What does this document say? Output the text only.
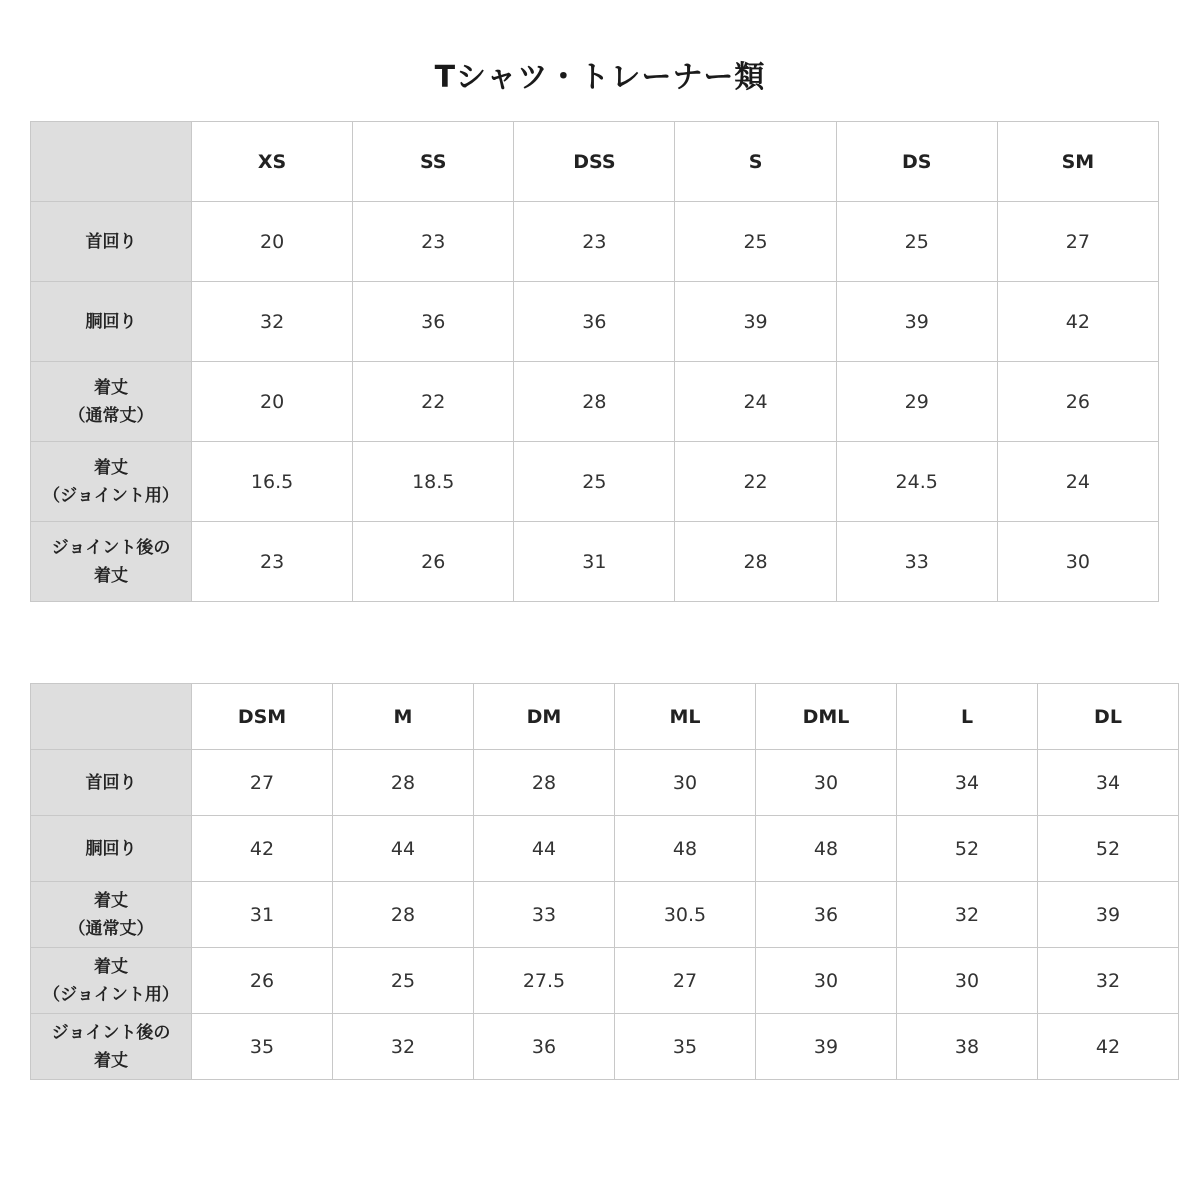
Tシャツ・トレーナー類
	XS	SS	DSS	S	DS	SM

首回り	20	23	23	25	25	27

胴回り	32	36	36	39	39	42

着丈
（通常丈）	20	22	28	24	29	26

着丈
（ジョイント用）	16.5	18.5	25	22	24.5	24

ジョイント後の
着丈	23	26	31	28	33	30
	DSM	M	DM	ML	DML	L	DL

首回り	27	28	28	30	30	34	34

胴回り	42	44	44	48	48	52	52

着丈
（通常丈）	31	28	33	30.5	36	32	39

着丈
（ジョイント用）	26	25	27.5	27	30	30	32

ジョイント後の
着丈	35	32	36	35	39	38	42
